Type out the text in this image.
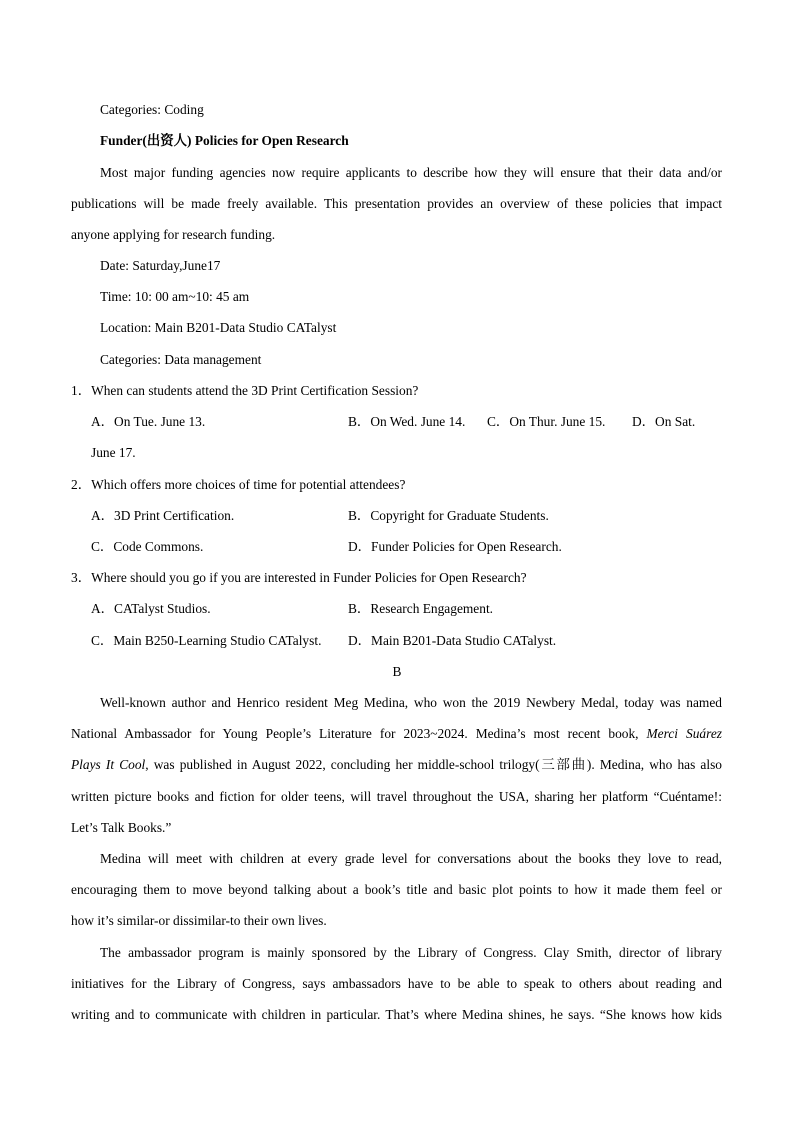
Categories: Coding
Funder(出资人) Policies for Open Research
Most major funding agencies now require applicants to describe how they will ensure that their data and/or
publications will be made freely available. This presentation provides an overview of these policies that impact
anyone applying for research funding.
Date: Saturday,June17
Time: 10: 00 am~10: 45 am
Location: Main B201-Data Studio CATalyst
Categories: Data management
1．When can students attend the 3D Print Certification Session?
A．On Tue. June 13.	B．On Wed. June 14. C．On Thur. June 15. D．On Sat.
June 17.
2．Which offers more choices of time for potential attendees?
A．3D Print Certification.	B．Copyright for Graduate Students.
C．Code Commons.	D．Funder Policies for Open Research.
3．Where should you go if you are interested in Funder Policies for Open Research?
A．CATalyst Studios.	B．Research Engagement.
C．Main B250-Learning Studio CATalyst. D．Main B201-Data Studio CATalyst.
B
Well-known author and Henrico resident Meg Medina, who won the 2019 Newbery Medal, today was named
National Ambassador for Young People’s Literature for 2023~2024. Medina’s most recent book, Merci Suárez
Plays It Cool, was published in August 2022, concluding her middle-school trilogy(三部曲). Medina, who has also
written picture books and fiction for older teens, will travel throughout the USA, sharing her platform “Cuéntame!:
Let’s Talk Books.”
Medina will meet with children at every grade level for conversations about the books they love to read,
encouraging them to move beyond talking about a book’s title and basic plot points to how it made them feel or
how it’s similar-or dissimilar-to their own lives.
The ambassador program is mainly sponsored by the Library of Congress. Clay Smith, director of library
initiatives for the Library of Congress, says ambassadors have to be able to speak to others about reading and
writing and to communicate with children in particular. That’s where Medina shines, he says. “She knows how kids
